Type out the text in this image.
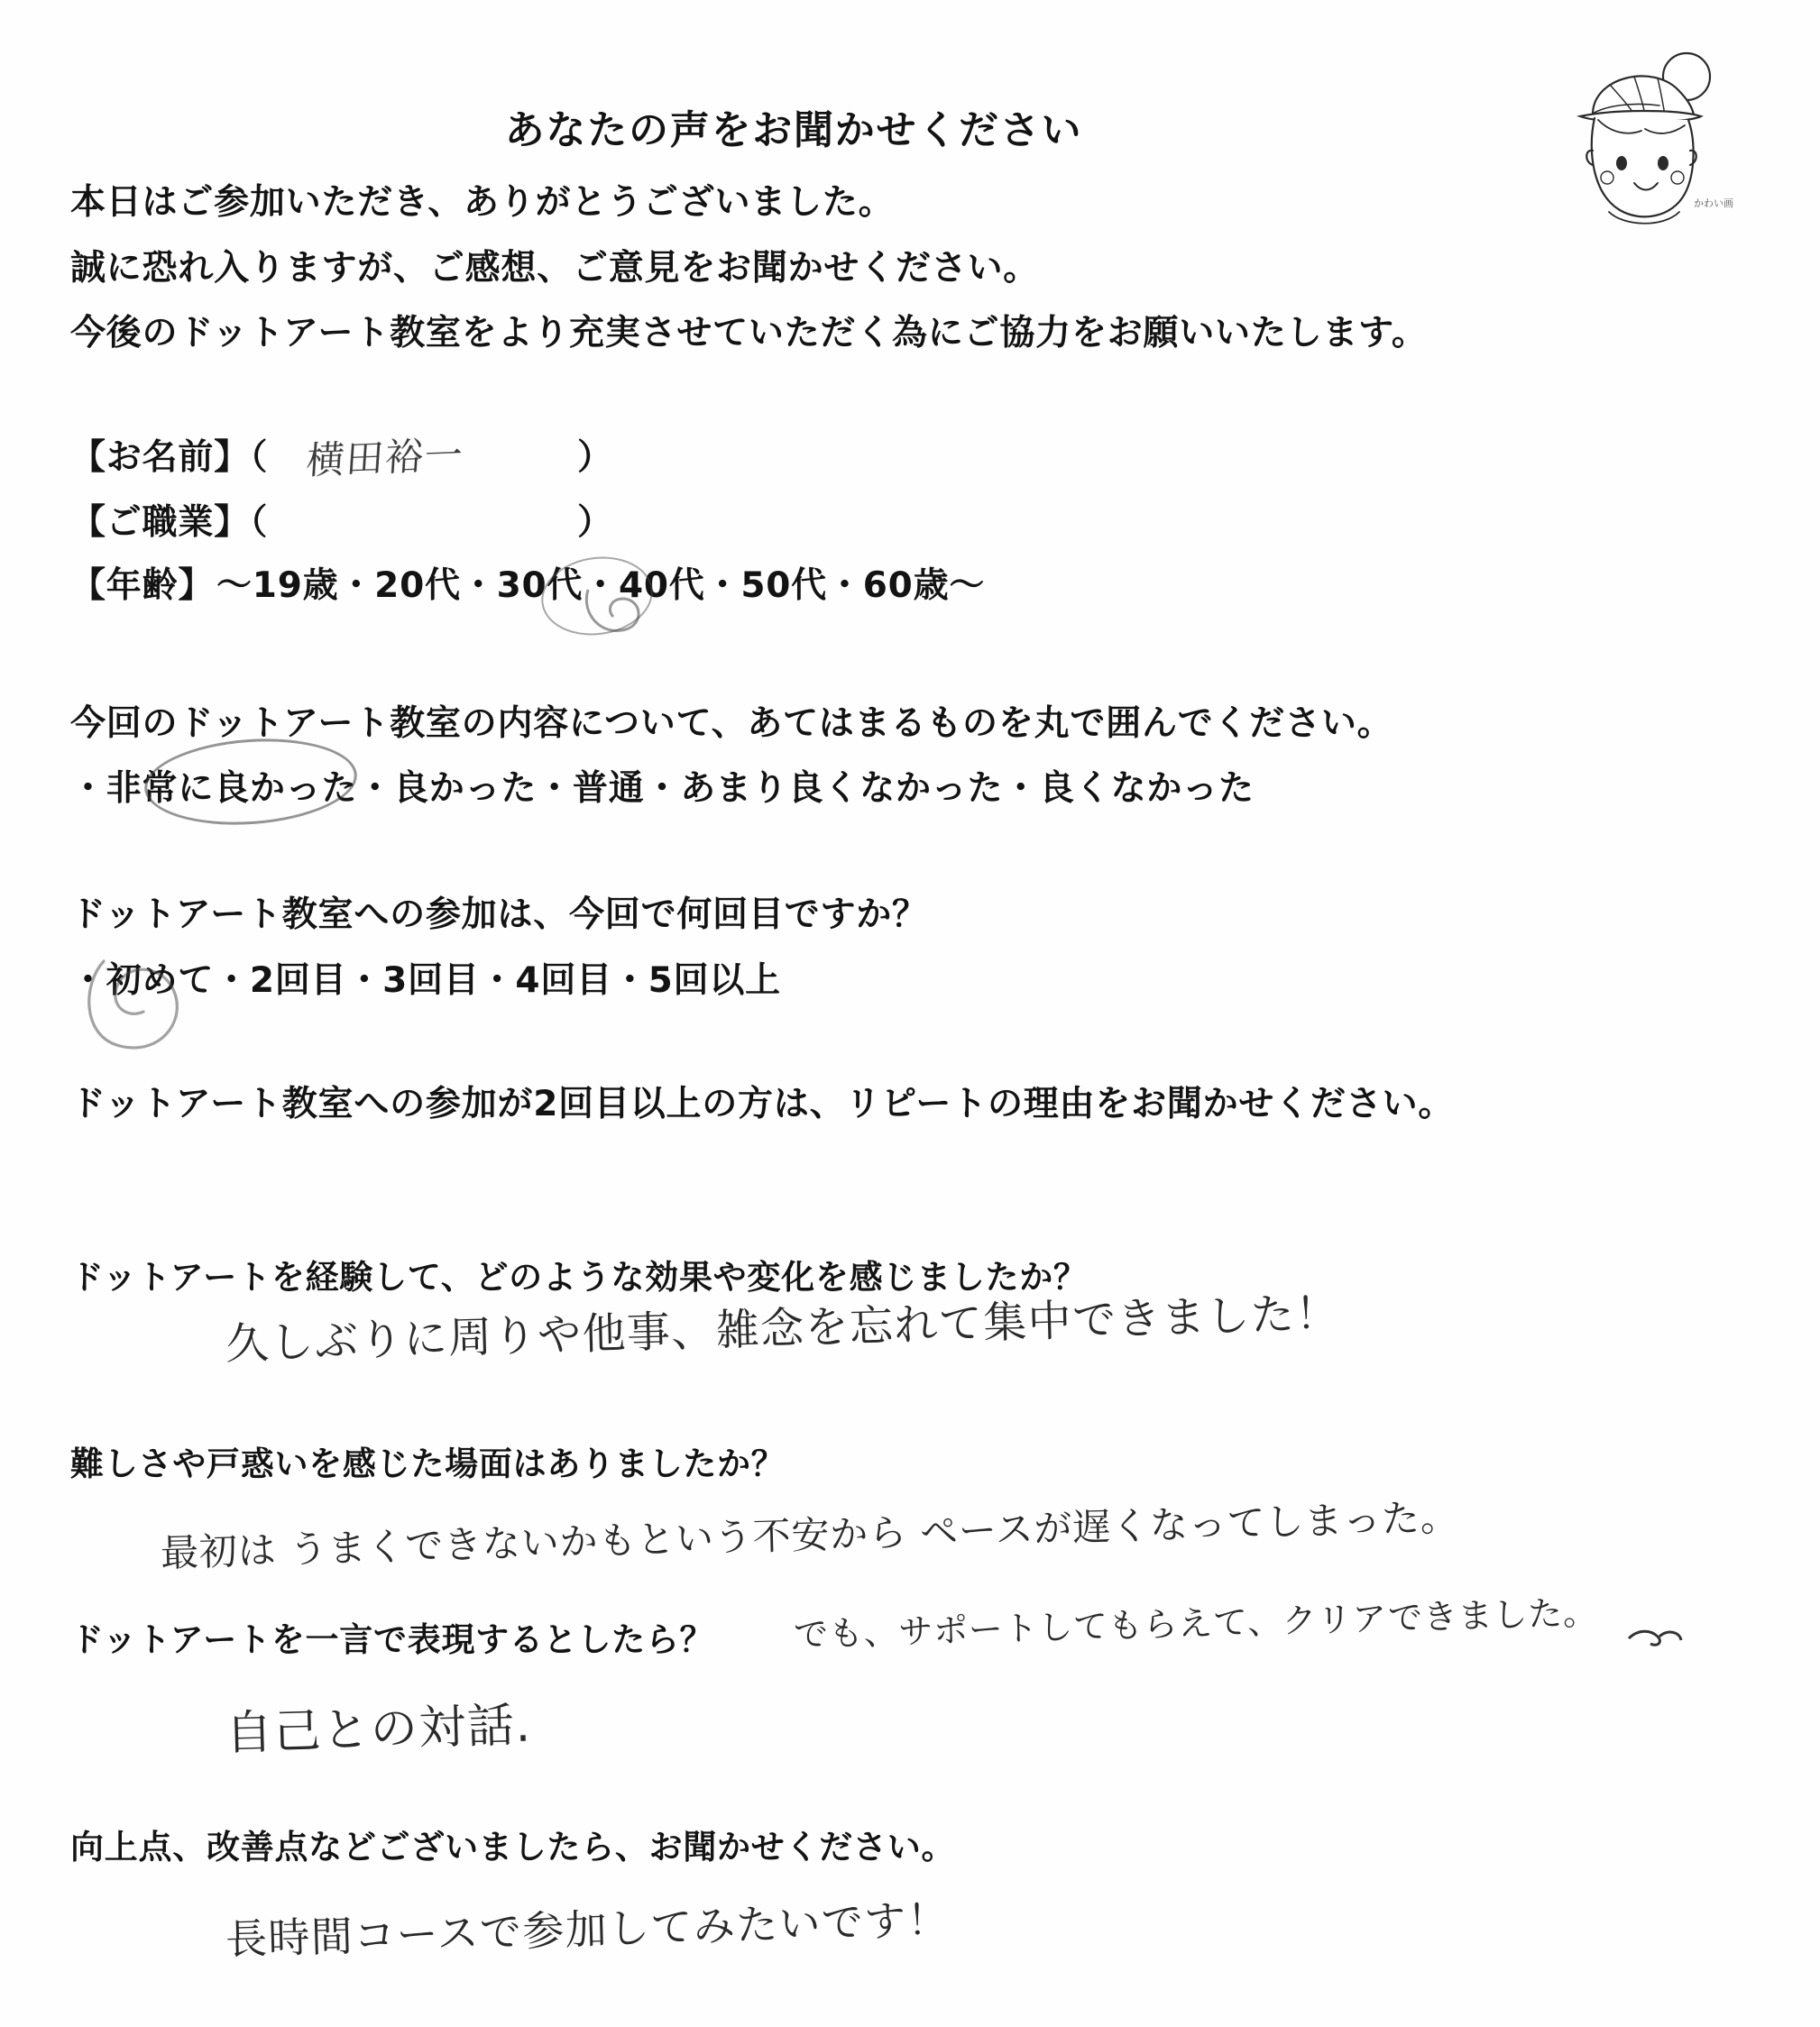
かわい画
あなたの声をお聞かせください
本日はご参加いただき、ありがとうございました。
誠に恐れ入りますが、ご感想、ご意見をお聞かせください。
今後のドットアート教室をより充実させていただく為にご協力をお願いいたします。
【お名前】（	）
横田裕一
【ご職業】（	）
【年齢】 ～19歳・20代・30代・40代・50代・60歳～
今回のドットアート教室の内容について、あてはまるものを丸で囲んでください。
・非常に良かった・良かった・普通・あまり良くなかった・良くなかった
ドットアート教室への参加は、今回で何回目ですか？
・初めて・2回目・3回目・4回目・5回以上
ドットアート教室への参加が2回目以上の方は、リピートの理由をお聞かせください。
ドットアートを経験して、どのような効果や変化を感じましたか？
久しぶりに周りや他事、雑念を忘れて集中できました！
難しさや戸惑いを感じた場面はありましたか？
最初は うまくできないかもという不安から ペースが遅くなってしまった。
でも、サポートしてもらえて、クリアできました。
ドットアートを一言で表現するとしたら？
自己との対話.
向上点、改善点などございましたら、お聞かせください。
長時間コースで参加してみたいです！
